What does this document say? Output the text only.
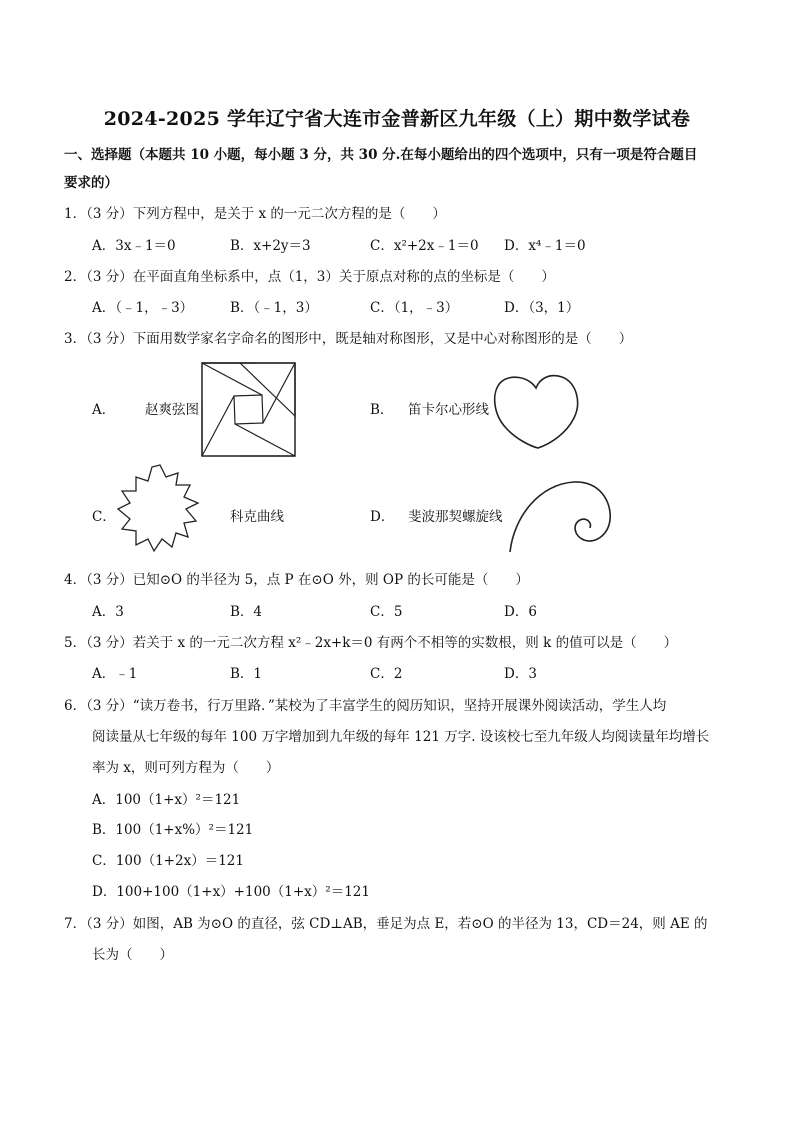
2024-2025 学年辽宁省大连市金普新区九年级（上）期中数学试卷
一、选择题（本题共 10 小题，每小题 3 分，共 30 分.在每小题给出的四个选项中，只有一项是符合题目
要求的）
1．（3 分）下列方程中，是关于 x 的一元二次方程的是（　　）
A．3x﹣1＝0	B．x+2y＝3	C．x²+2x﹣1＝0 D．x⁴﹣1＝0
2．（3 分）在平面直角坐标系中，点（1，3）关于原点对称的点的坐标是（　　）
A．（﹣1，﹣3）	B．（﹣1，3）	C．（1，﹣3）	D．（3，1）
3．（3 分）下面用数学家名字命名的图形中，既是轴对称图形，又是中心对称图形的是（　　）
A． 赵爽弦图	B． 笛卡尔心形线
C．	科克曲线	D． 斐波那契螺旋线
4．（3 分）已知⊙O 的半径为 5，点 P 在⊙O 外，则 OP 的长可能是（　　）
A．3	B．4	C．5	D．6
5．（3 分）若关于 x 的一元二次方程 x²﹣2x+k＝0 有两个不相等的实数根，则 k 的值可以是（　　）
A．﹣1	B．1	C．2	D．3
6．（3 分）“读万卷书，行万里路．”某校为了丰富学生的阅历知识，坚持开展课外阅读活动，学生人均
阅读量从七年级的每年 100 万字增加到九年级的每年 121 万字. 设该校七至九年级人均阅读量年均增长
率为 x，则可列方程为（　　）
A．100（1+x）²＝121
B．100（1+x%）²＝121
C．100（1+2x）＝121
D．100+100（1+x）+100（1+x）²＝121
7．（3 分）如图，AB 为⊙O 的直径，弦 CD⊥AB，垂足为点 E，若⊙O 的半径为 13，CD＝24，则 AE 的
长为（　　）
